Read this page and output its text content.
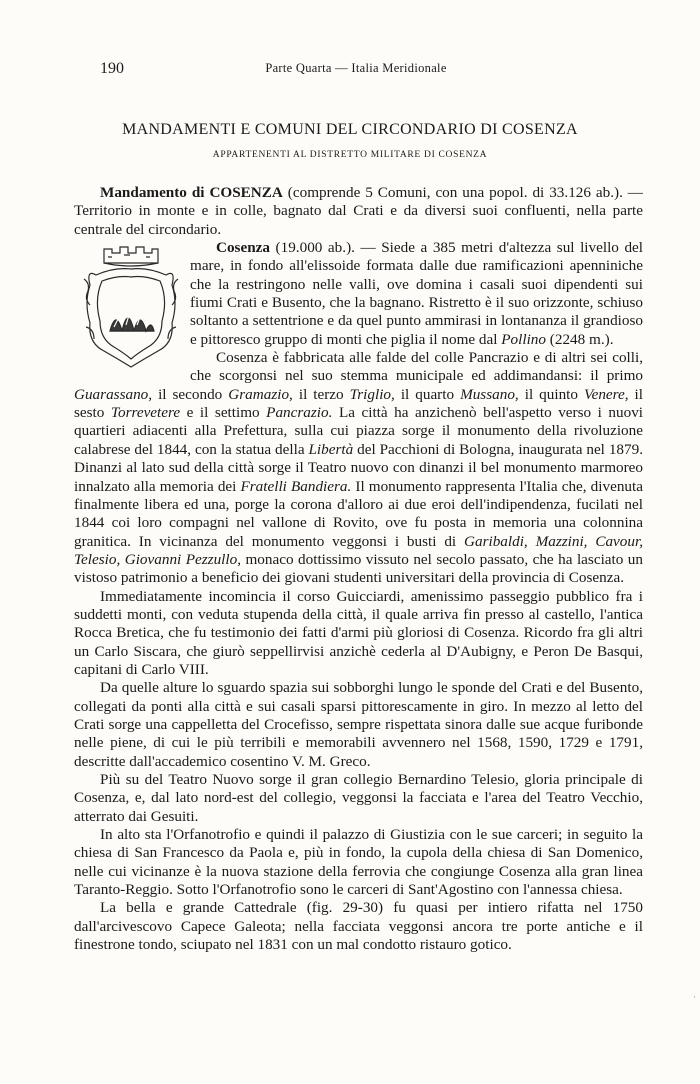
190	Parte Quarta — Italia Meridionale
MANDAMENTI E COMUNI DEL CIRCONDARIO DI COSENZA
APPARTENENTI AL DISTRETTO MILITARE DI COSENZA

Mandamento di COSENZA (comprende 5 Comuni, con una popol. di 33.126 ab.). — Territorio in monte e in colle, bagnato dal Crati e da diversi suoi confluenti, nella parte centrale del circondario.

Cosenza (19.000 ab.). — Siede a 385 metri d'altezza sul livello del mare, in fondo all'elissoide formata dalle due ramificazioni apenniniche che la restringono nelle valli, ove domina i casali suoi dipendenti sui fiumi Crati e Busento, che la bagnano. Ristretto è il suo orizzonte, schiuso soltanto a settentrione e da quel punto ammirasi in lontananza il grandioso e pittoresco gruppo di monti che piglia il nome dal Pollino (2248 m.).

Cosenza è fabbricata alle falde del colle Pancrazio e di altri sei colli, che scorgonsi nel suo stemma municipale ed addimandansi: il primo Guarassano, il secondo Gramazio, il terzo Triglio, il quarto Mussano, il quinto Venere, il sesto Torrevetere e il settimo Pancrazio. La città ha anzichenò bell'aspetto verso i nuovi quartieri adiacenti alla Prefettura, sulla cui piazza sorge il monumento della rivoluzione calabrese del 1844, con la statua della Libertà del Pacchioni di Bologna, inaugurata nel 1879. Dinanzi al lato sud della città sorge il Teatro nuovo con dinanzi il bel monumento marmoreo innalzato alla memoria dei Fratelli Bandiera. Il monumento rappresenta l'Italia che, divenuta finalmente libera ed una, porge la corona d'alloro ai due eroi dell'indipendenza, fucilati nel 1844 coi loro compagni nel vallone di Rovito, ove fu posta in memoria una colonnina granitica. In vicinanza del monumento veggonsi i busti di Garibaldi, Mazzini, Cavour, Telesio, Giovanni Pezzullo, monaco dottissimo vissuto nel secolo passato, che ha lasciato un vistoso patrimonio a beneficio dei giovani studenti universitari della provincia di Cosenza.

Immediatamente incomincia il corso Guicciardi, amenissimo passeggio pubblico fra i suddetti monti, con veduta stupenda della città, il quale arriva fin presso al castello, l'antica Rocca Bretica, che fu testimonio dei fatti d'armi più gloriosi di Cosenza. Ricordo fra gli altri un Carlo Siscara, che giurò seppellirvisi anzichè cederla al D'Aubigny, e Peron De Basqui, capitani di Carlo VIII.

Da quelle alture lo sguardo spazia sui sobborghi lungo le sponde del Crati e del Busento, collegati da ponti alla città e sui casali sparsi pittorescamente in giro. In mezzo al letto del Crati sorge una cappelletta del Crocefisso, sempre rispettata sinora dalle sue acque furibonde nelle piene, di cui le più terribili e memorabili avvennero nel 1568, 1590, 1729 e 1791, descritte dall'accademico cosentino V. M. Greco.

Più su del Teatro Nuovo sorge il gran collegio Bernardino Telesio, gloria principale di Cosenza, e, dal lato nord-est del collegio, veggonsi la facciata e l'area del Teatro Vecchio, atterrato dai Gesuiti.

In alto sta l'Orfanotrofio e quindi il palazzo di Giustizia con le sue carceri; in seguito la chiesa di San Francesco da Paola e, più in fondo, la cupola della chiesa di San Domenico, nelle cui vicinanze è la nuova stazione della ferrovia che congiunge Cosenza alla gran linea Taranto-Reggio. Sotto l'Orfanotrofio sono le carceri di Sant'Agostino con l'annessa chiesa.

La bella e grande Cattedrale (fig. 29-30) fu quasi per intiero rifatta nel 1750 dall'arcivescovo Capece Galeota; nella facciata veggonsi ancora tre porte antiche e il finestrone tondo, sciupato nel 1831 con un mal condotto ristauro gotico.

·
